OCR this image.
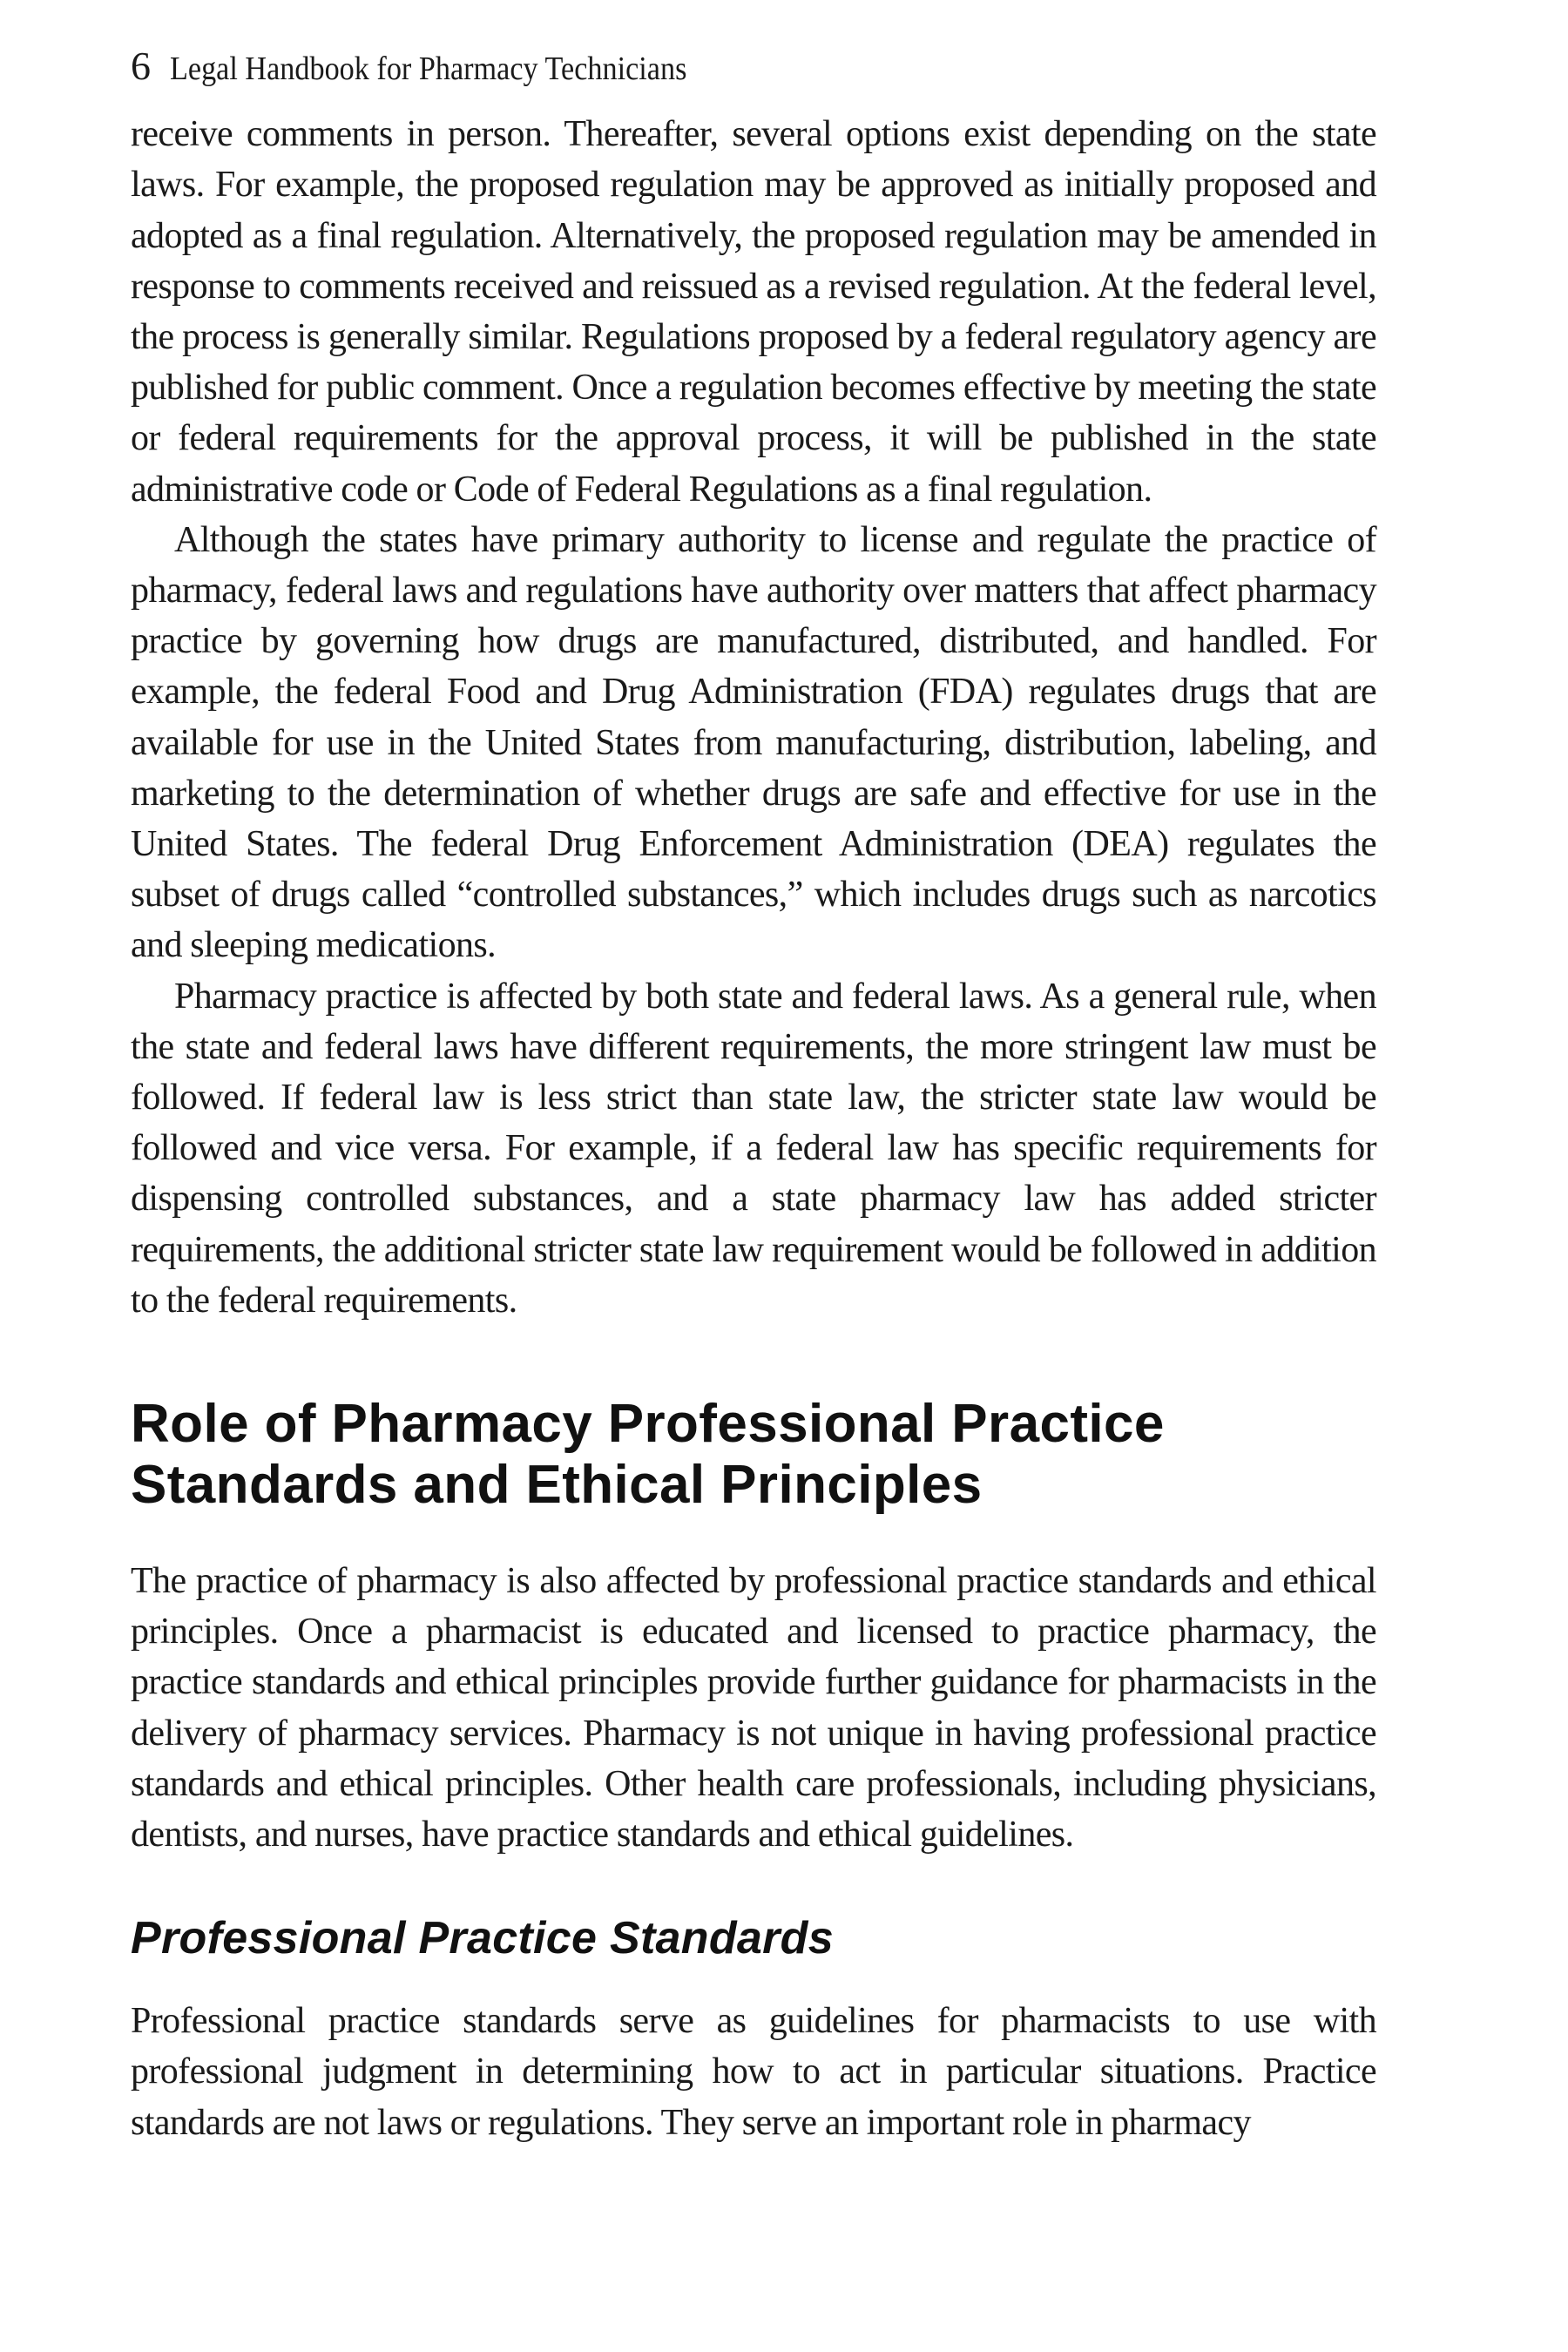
6 Legal Handbook for Pharmacy Technicians

receive comments in person. Thereafter, several options exist depending on the state laws. For example, the proposed regulation may be approved as initially proposed and adopted as a final regulation. Alternatively, the proposed regulation may be amended in response to comments received and reissued as a revised regulation. At the federal level, the process is generally similar. Regulations proposed by a federal regulatory agency are published for public comment. Once a regulation becomes effective by meeting the state or federal requirements for the approval process, it will be published in the state administrative code or Code of Federal Regulations as a final regulation.

Although the states have primary authority to license and regulate the practice of pharmacy, federal laws and regulations have authority over matters that affect pharmacy practice by governing how drugs are manufactured, distributed, and handled. For example, the federal Food and Drug Administration (FDA) regulates drugs that are available for use in the United States from manufacturing, distribution, labeling, and marketing to the determination of whether drugs are safe and effective for use in the United States. The federal Drug Enforcement Administration (DEA) regulates the subset of drugs called “controlled substances,” which includes drugs such as narcotics and sleeping medications.

Pharmacy practice is affected by both state and federal laws. As a general rule, when the state and federal laws have different requirements, the more stringent law must be followed. If federal law is less strict than state law, the stricter state law would be followed and vice versa. For example, if a federal law has specific requirements for dispensing controlled substances, and a state pharmacy law has added stricter requirements, the additional stricter state law requirement would be followed in addition to the federal requirements.

Role of Pharmacy Professional Practice Standards and Ethical Principles

The practice of pharmacy is also affected by professional practice standards and ethical principles. Once a pharmacist is educated and licensed to practice pharmacy, the practice standards and ethical principles provide further guidance for pharmacists in the delivery of pharmacy services. Pharmacy is not unique in having professional practice standards and ethical principles. Other health care professionals, including physicians, dentists, and nurses, have practice standards and ethical guidelines.

Professional Practice Standards

Professional practice standards serve as guidelines for pharmacists to use with professional judgment in determining how to act in particular situations. Practice standards are not laws or regulations. They serve an important role in pharmacy
